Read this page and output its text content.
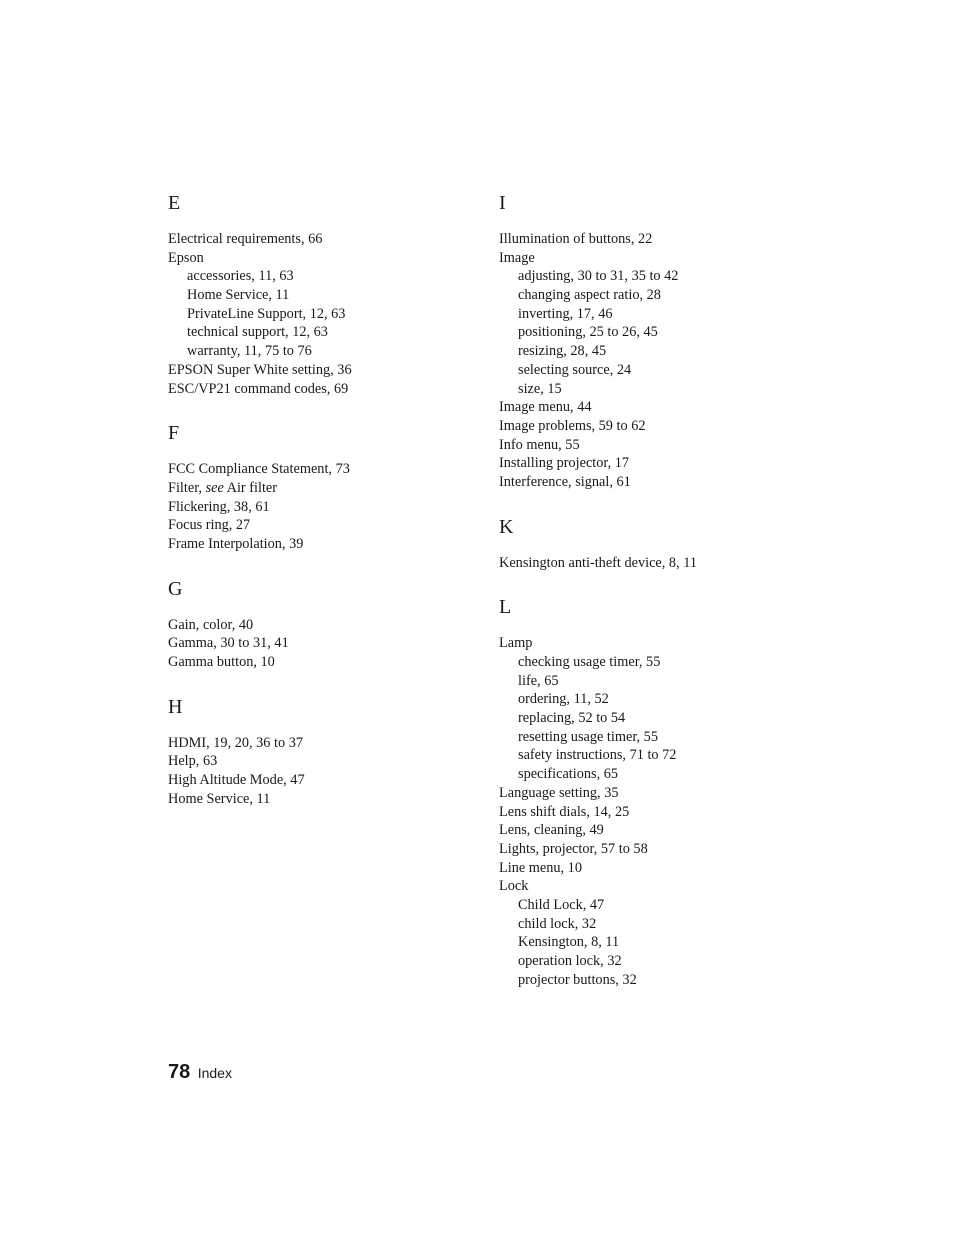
E
Electrical requirements, 66
Epson
accessories, 11, 63
Home Service, 11
PrivateLine Support, 12, 63
technical support, 12, 63
warranty, 11, 75 to 76
EPSON Super White setting, 36
ESC/VP21 command codes, 69
F
FCC Compliance Statement, 73
Filter, see Air filter
Flickering, 38, 61
Focus ring, 27
Frame Interpolation, 39
G
Gain, color, 40
Gamma, 30 to 31, 41
Gamma button, 10
H
HDMI, 19, 20, 36 to 37
Help, 63
High Altitude Mode, 47
Home Service, 11
I
Illumination of buttons, 22
Image
adjusting, 30 to 31, 35 to 42
changing aspect ratio, 28
inverting, 17, 46
positioning, 25 to 26, 45
resizing, 28, 45
selecting source, 24
size, 15
Image menu, 44
Image problems, 59 to 62
Info menu, 55
Installing projector, 17
Interference, signal, 61
K
Kensington anti-theft device, 8, 11
L
Lamp
checking usage timer, 55
life, 65
ordering, 11, 52
replacing, 52 to 54
resetting usage timer, 55
safety instructions, 71 to 72
specifications, 65
Language setting, 35
Lens shift dials, 14, 25
Lens, cleaning, 49
Lights, projector, 57 to 58
Line menu, 10
Lock
Child Lock, 47
child lock, 32
Kensington, 8, 11
operation lock, 32
projector buttons, 32
78 Index
